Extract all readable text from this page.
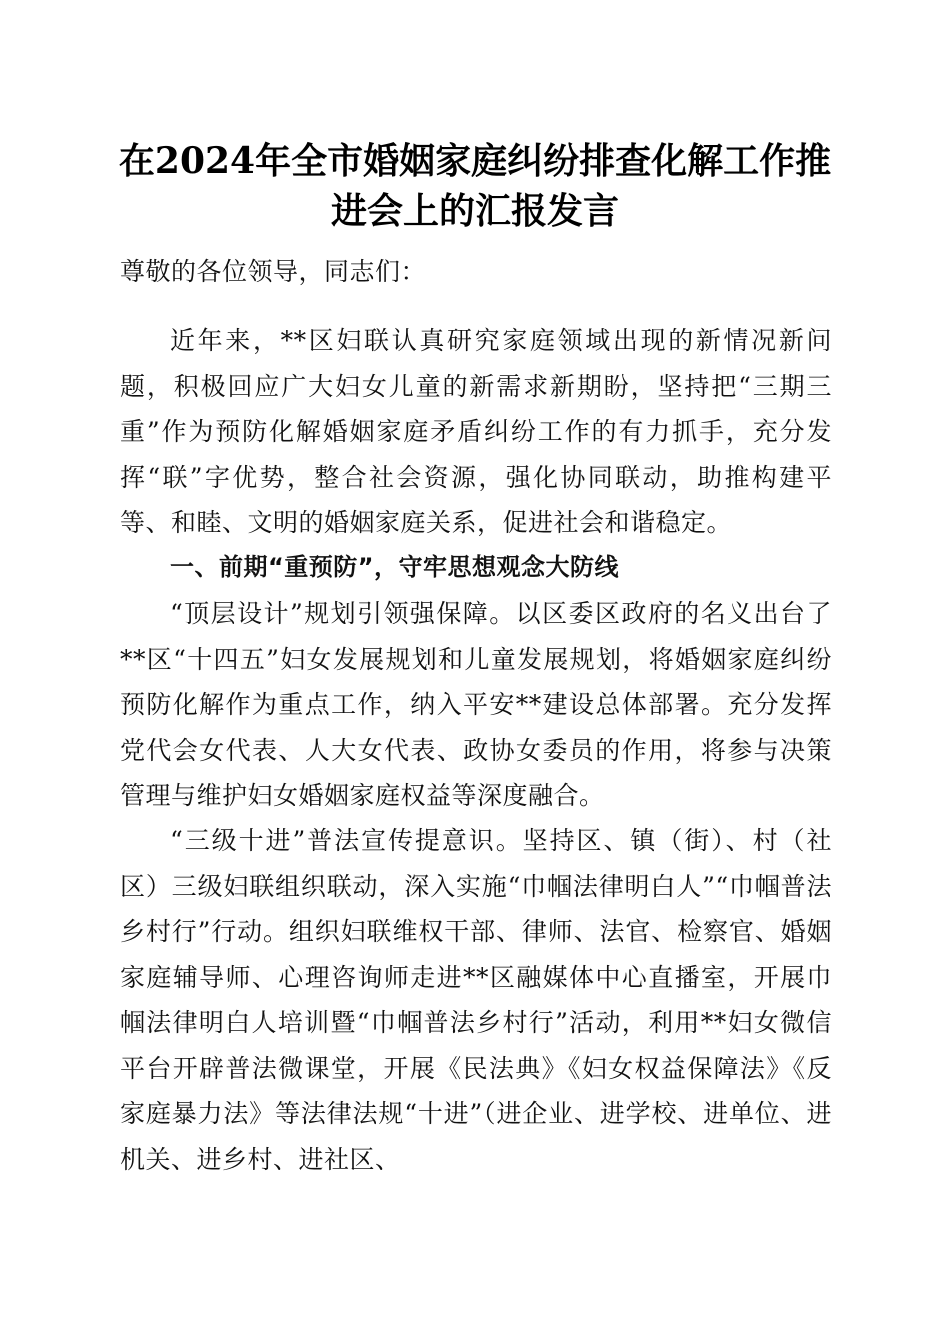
在2024年全市婚姻家庭纠纷排查化解工作推
进会上的汇报发言

尊敬的各位领导，同志们：

近年来，**区妇联认真研究家庭领域出现的新情况新问题，积极回应广大妇女儿童的新需求新期盼，坚持把“三期三重”作为预防化解婚姻家庭矛盾纠纷工作的有力抓手，充分发挥“联”字优势，整合社会资源，强化协同联动，助推构建平等、和睦、文明的婚姻家庭关系，促进社会和谐稳定。

一、前期“重预防”，守牢思想观念大防线

“顶层设计”规划引领强保障。以区委区政府的名义出台了**区“十四五”妇女发展规划和儿童发展规划，将婚姻家庭纠纷预防化解作为重点工作，纳入平安**建设总体部署。充分发挥党代会女代表、人大女代表、政协女委员的作用，将参与决策管理与维护妇女婚姻家庭权益等深度融合。

“三级十进”普法宣传提意识。坚持区、镇（街）、村（社区）三级妇联组织联动，深入实施“巾帼法律明白人”“巾帼普法乡村行”行动。组织妇联维权干部、律师、法官、检察官、婚姻家庭辅导师、心理咨询师走进**区融媒体中心直播室，开展巾帼法律明白人培训暨“巾帼普法乡村行”活动，利用**妇女微信平台开辟普法微课堂，开展《民法典》《妇女权益保障法》《反家庭暴力法》等法律法规“十进”（进企业、进学校、进单位、进机关、进乡村、进社区、
